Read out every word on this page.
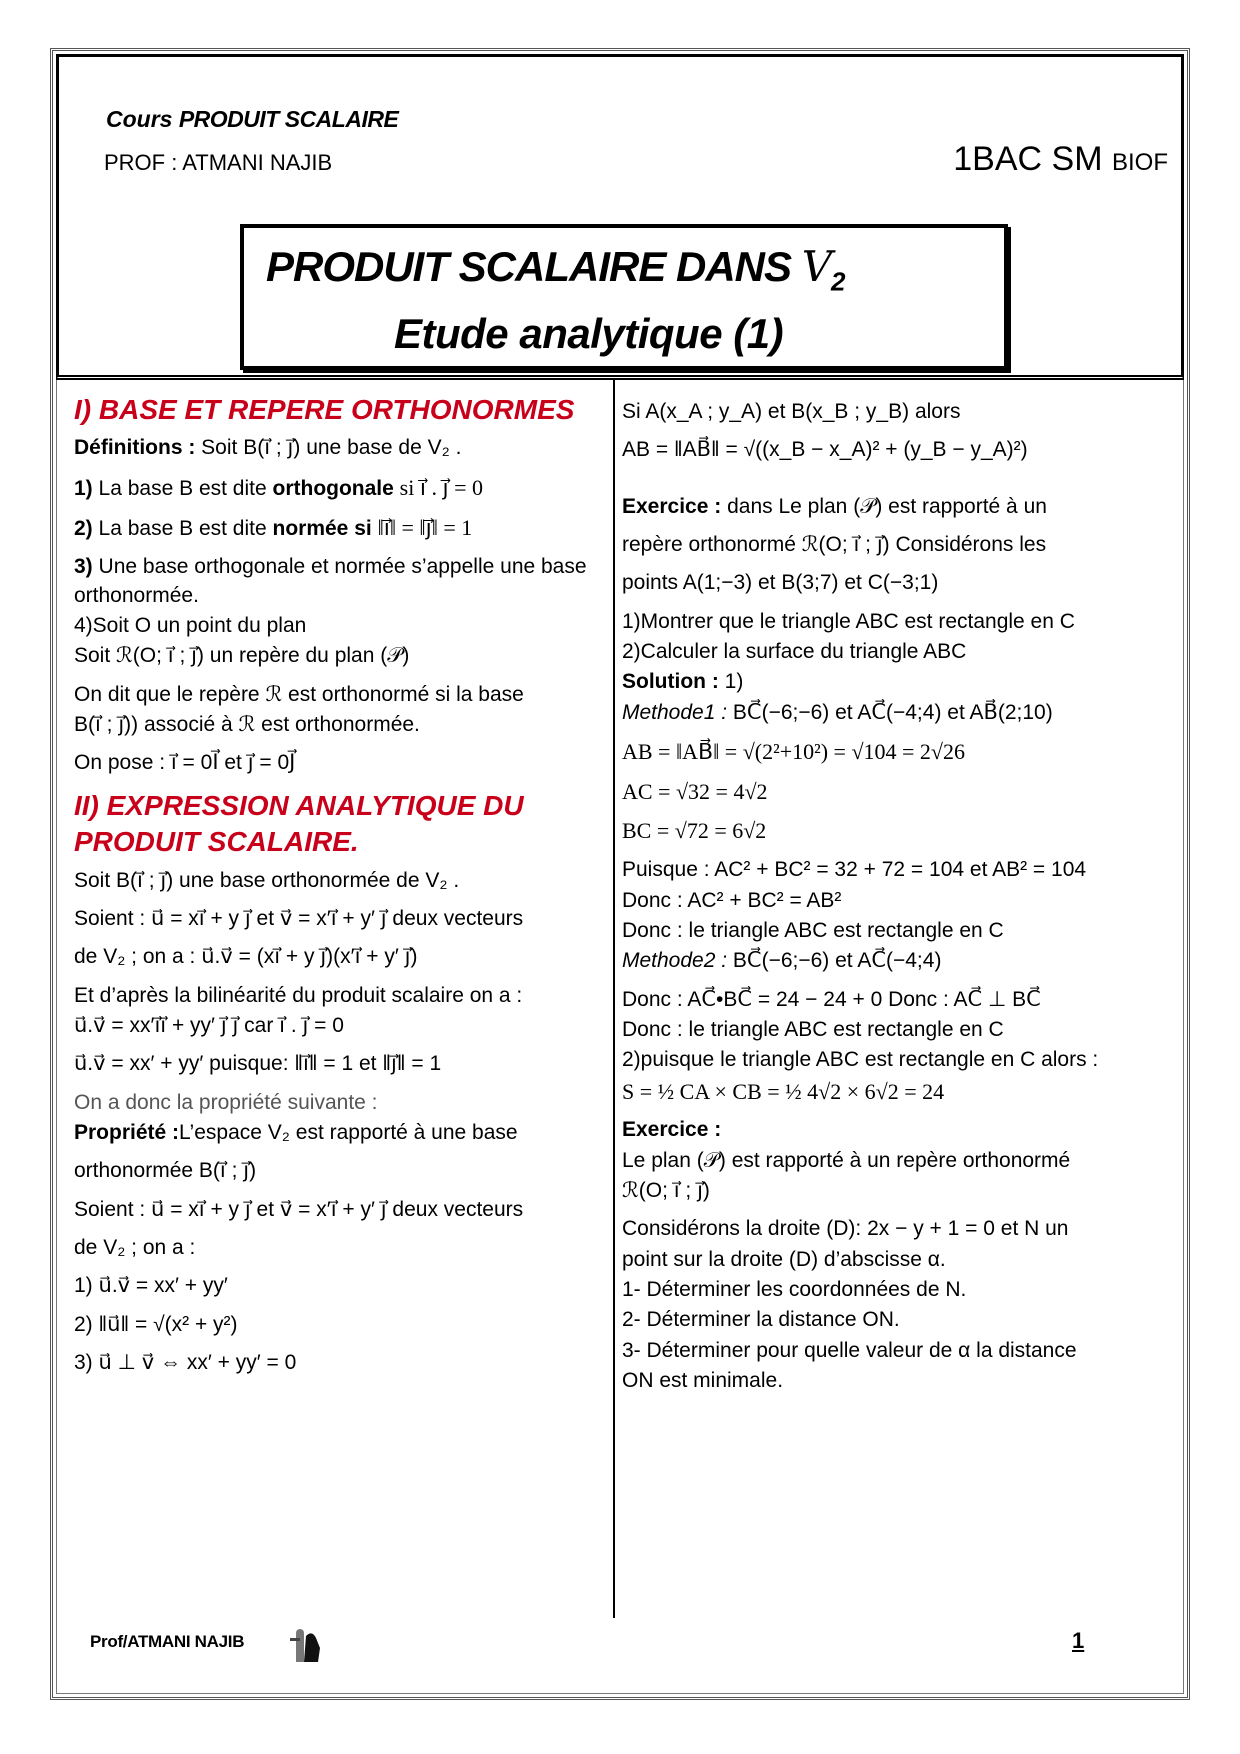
Cours PRODUIT SCALAIRE
PROF : ATMANI NAJIB	1BAC SM BIOF
PRODUIT SCALAIRE DANS $V_2$
Etude analytique (1)
I) BASE ET REPERE ORTHONORMES
Définitions : Soit B(i⃗ ; j⃗) une base de V₂ .
1) La base B est dite orthogonale si i⃗ . j⃗ = 0
2) La base B est dite normée si ‖i⃗‖ = ‖j⃗‖ = 1
3) Une base orthogonale et normée s’appelle une base orthonormée.
4)Soit O un point du plan
Soit ℛ(O; i⃗ ; j⃗) un repère du plan (𝒫)
On dit que le repère ℛ est orthonormé si la base
B(i⃗ ; j⃗)) associé à ℛ est orthonormée.
On pose : i⃗ = 0I⃗ et j⃗ = 0J⃗
II) EXPRESSION ANALYTIQUE DU PRODUIT SCALAIRE.
Soit B(i⃗ ; j⃗) une base orthonormée de V₂ .
Soient : u⃗ = xi⃗ + y j⃗ et v⃗ = x′i⃗ + y′ j⃗ deux vecteurs
de V₂ ; on a : u⃗.v⃗ = (xi⃗ + y j⃗)(x′i⃗ + y′ j⃗)
Et d’après la bilinéarité du produit scalaire on a :
u⃗.v⃗ = xx′i⃗i⃗ + yy′ j⃗ j⃗ car i⃗ . j⃗ = 0
u⃗.v⃗ = xx′ + yy′ puisque: ‖i⃗‖ = 1 et ‖j⃗‖ = 1
On a donc la propriété suivante :
Propriété :L’espace V₂ est rapporté à une base
orthonormée B(i⃗ ; j⃗)
Soient : u⃗ = xi⃗ + y j⃗ et v⃗ = x′i⃗ + y′ j⃗ deux vecteurs
de V₂ ; on a :
1) u⃗.v⃗ = xx′ + yy′
2) ‖u⃗‖ = √(x² + y²)
3) u⃗ ⊥ v⃗ ⇔ xx′ + yy′ = 0
Si A(x_A ; y_A) et B(x_B ; y_B) alors
AB = ‖AB⃗‖ = √((x_B − x_A)² + (y_B − y_A)²)
Exercice : dans Le plan (𝒫) est rapporté à un
repère orthonormé ℛ(O; i⃗ ; j⃗) Considérons les
points A(1;−3) et B(3;7) et C(−3;1)
1)Montrer que le triangle ABC est rectangle en C
2)Calculer la surface du triangle ABC
Solution : 1)
Methode1 : BC⃗(−6;−6) et AC⃗(−4;4) et AB⃗(2;10)
AB = ‖AB⃗‖ = √(2²+10²) = √104 = 2√26
AC = √32 = 4√2
BC = √72 = 6√2
Puisque : AC² + BC² = 32 + 72 = 104 et AB² = 104
Donc : AC² + BC² = AB²
Donc : le triangle ABC est rectangle en C
Methode2 : BC⃗(−6;−6) et AC⃗(−4;4)
Donc : AC⃗•BC⃗ = 24 − 24 + 0 Donc : AC⃗ ⊥ BC⃗
Donc : le triangle ABC est rectangle en C
2)puisque le triangle ABC est rectangle en C alors :
S = ½ CA × CB = ½ 4√2 × 6√2 = 24
Exercice :
Le plan (𝒫) est rapporté à un repère orthonormé
ℛ(O; i⃗ ; j⃗)
Considérons la droite (D): 2x − y + 1 = 0 et N un
point sur la droite (D) d’abscisse α.
1- Déterminer les coordonnées de N.
2- Déterminer la distance ON.
3- Déterminer pour quelle valeur de α la distance
ON est minimale.
Prof/ATMANI NAJIB	1
